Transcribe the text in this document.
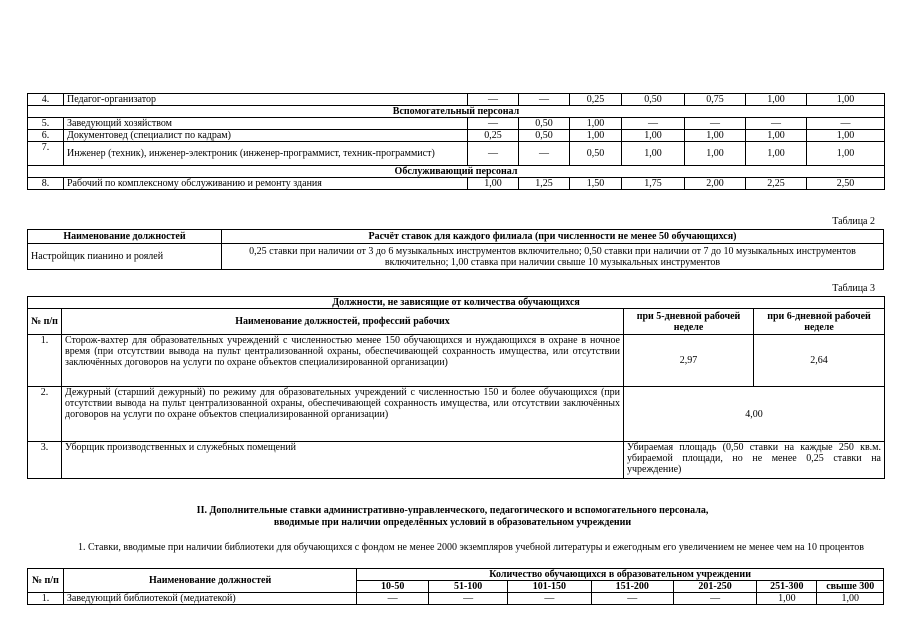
4.	Педагог-организатор	—	—	0,25	0,50	0,75	1,00	1,00
Вспомогательный персонал								
5.	Заведующий хозяйством	—	0,50	1,00	—	—	—	—
6.	Документовед (специалист по кадрам)	0,25	0,50	1,00	1,00	1,00	1,00	1,00
7.	Инженер (техник), инженер-электроник (инженер-программист, техник-программист)	—	—	0,50	1,00	1,00	1,00	1,00
Обслуживающий персонал								
8.	Рабочий по комплексному обслуживанию и ремонту здания	1,00	1,25	1,50	1,75	2,00	2,25	2,50
Таблица 2
Наименование должностей	Расчёт ставок для каждого филиала (при численности не менее 50 обучающихся)
Настройщик пианино и роялей	0,25 ставки при наличии от 3 до 6 музыкальных инструментов включительно; 0,50 ставки при наличии от 7 до 10 музыкальных инструментов включительно; 1,00 ставка при наличии свыше 10 музыкальных инструментов
Таблица 3
Должности, не зависящие от количества обучающихся			
№ п/п	Наименование должностей, профессий рабочих	при 5-дневной рабочей неделе	при 6-дневной рабочей неделе
1.	Сторож-вахтер для образовательных учреждений с численностью менее 150 обучающихся и нуждающихся в охране в ночное время (при отсутствии вывода на пульт централизованной охраны, обеспечивающей сохранность имущества, или отсутствии заключённых договоров на услуги по охране объектов специализированной организации)	2,97	2,64
2.	Дежурный (старший дежурный) по режиму для образовательных учреждений с численностью 150 и более обучающихся (при отсутствии вывода на пульт централизованной охраны, обеспечивающей сохранность имущества, или отсутствии заключённых договоров на услуги по охране объектов специализированной организации)	4,00	
3.	Уборщик производственных и служебных помещений	Убираемая площадь (0,50 ставки на каждые 250 кв.м. убираемой площади, но не менее 0,25 ставки на учреждение)	
II. Дополнительные ставки административно-управленческого, педагогического и вспомогательного персонала,
вводимые при наличии определённых условий в образовательном учреждении
1. Ставки, вводимые при наличии библиотеки для обучающихся с фондом не менее 2000 экземпляров учебной литературы и ежегодным его увеличением не менее чем на 10 процентов
№ п/п	Наименование должностей	Количество обучающихся в образовательном учреждении						
		10-50	51-100	101-150	151-200	201-250	251-300	свыше 300
1.	Заведующий библиотекой (медиатекой)	—	—	—	—	—	1,00	1,00
